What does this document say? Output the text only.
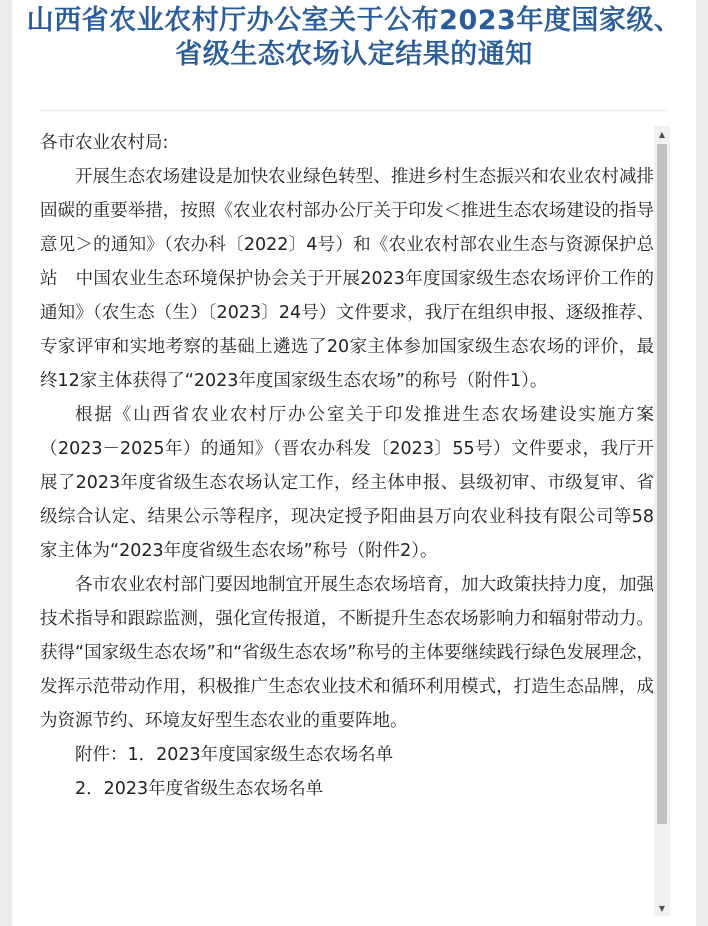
山西省农业农村厅办公室关于公布2023年度国家级、
省级生态农场认定结果的通知

各市农业农村局:

开展生态农场建设是加快农业绿色转型、推进乡村生态振兴和农业农村减排固碳的重要举措，按照《农业农村部办公厅关于印发＜推进生态农场建设的指导意见＞的通知》（农办科〔2022〕4号）和《农业农村部农业生态与资源保护总站　中国农业生态环境保护协会关于开展2023年度国家级生态农场评价工作的通知》（农生态（生）〔2023〕24号）文件要求，我厅在组织申报、逐级推荐、专家评审和实地考察的基础上遴选了20家主体参加国家级生态农场的评价，最终12家主体获得了“2023年度国家级生态农场”的称号（附件1）。

根据《山西省农业农村厅办公室关于印发推进生态农场建设实施方案（2023－2025年）的通知》（晋农办科发〔2023〕55号）文件要求，我厅开展了2023年度省级生态农场认定工作，经主体申报、县级初审、市级复审、省级综合认定、结果公示等程序，现决定授予阳曲县万向农业科技有限公司等58家主体为“2023年度省级生态农场”称号（附件2）。

各市农业农村部门要因地制宜开展生态农场培育，加大政策扶持力度，加强技术指导和跟踪监测，强化宣传报道，不断提升生态农场影响力和辐射带动力。获得“国家级生态农场”和“省级生态农场”称号的主体要继续践行绿色发展理念，发挥示范带动作用，积极推广生态农业技术和循环利用模式，打造生态品牌，成为资源节约、环境友好型生态农业的重要阵地。

附件：1．2023年度国家级生态农场名单

2．2023年度省级生态农场名单

▲
▼
